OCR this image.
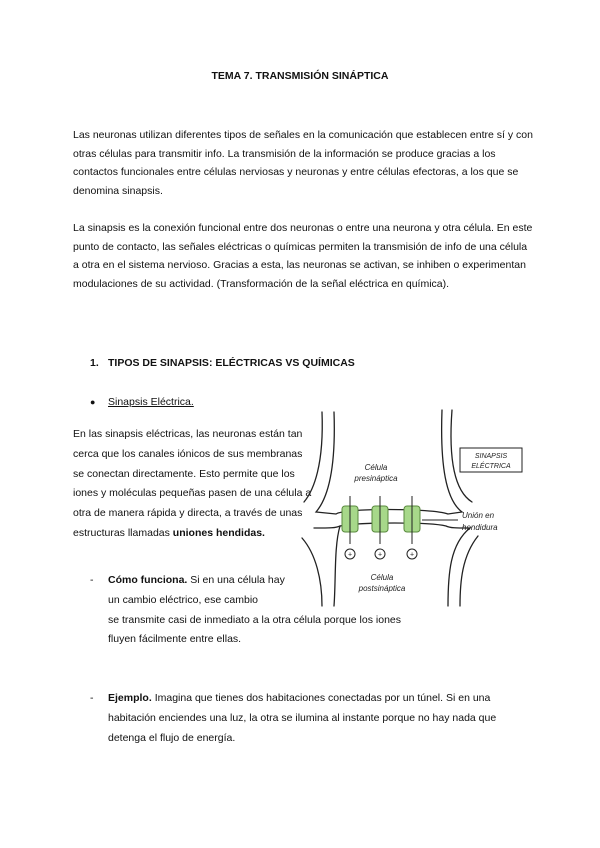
TEMA 7. TRANSMISIÓN SINÁPTICA
Las neuronas utilizan diferentes tipos de señales en la comunicación que establecen entre sí y con otras células para transmitir info. La transmisión de la información se produce gracias a los contactos funcionales entre células nerviosas y neuronas y entre células efectoras, a los que se denomina sinapsis.
La sinapsis es la conexión funcional entre dos neuronas o entre una neurona y otra célula. En este punto de contacto, las señales eléctricas o químicas permiten la transmisión de info de una célula a otra en el sistema nervioso. Gracias a esta, las neuronas se activan, se inhiben o experimentan modulaciones de su actividad. (Transformación de la señal eléctrica en química).
1. TIPOS DE SINAPSIS: ELÉCTRICAS VS QUÍMICAS
● Sinapsis Eléctrica.
En las sinapsis eléctricas, las neuronas están tan cerca que los canales iónicos de sus membranas se conectan directamente. Esto permite que los iones y moléculas pequeñas pasen de una célula a otra de manera rápida y directa, a través de unas estructuras llamadas uniones hendidas.
- Cómo funciona. Si en una célula hay un cambio eléctrico, ese cambio
se transmite casi de inmediato a la otra célula porque los iones fluyen fácilmente entre ellas.
- Ejemplo. Imagina que tienes dos habitaciones conectadas por un túnel. Si en una habitación enciendes una luz, la otra se ilumina al instante porque no hay nada que detenga el flujo de energía.
+	+	+
SINAPSIS
ELÉCTRICA
Célula
presináptica
Unión en
hendidura
Célula
postsináptica
